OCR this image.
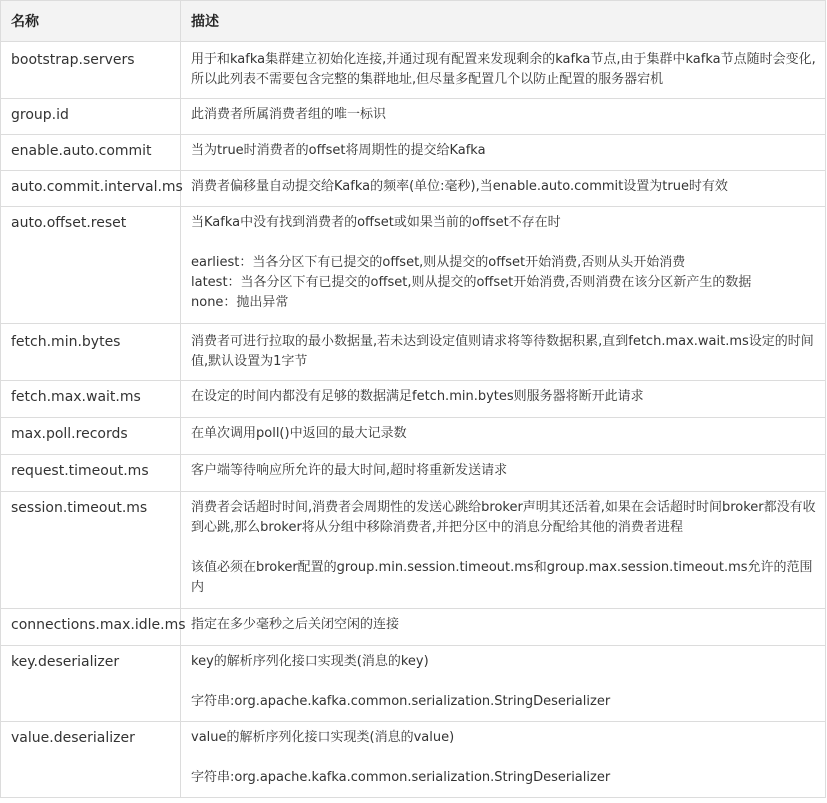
名称	描述
bootstrap.servers	用于和kafka集群建立初始化连接,并通过现有配置来发现剩余的kafka节点,由于集群中kafka节点随时会变化,所以此列表不需要包含完整的集群地址,但尽量多配置几个以防止配置的服务器宕机

group.id	此消费者所属消费者组的唯一标识

enable.auto.commit	当为true时消费者的offset将周期性的提交给Kafka

auto.commit.interval.ms	消费者偏移量自动提交给Kafka的频率(单位:毫秒),当enable.auto.commit设置为true时有效

auto.offset.reset	当Kafka中没有找到消费者的offset或如果当前的offset不存在时
earliest：当各分区下有已提交的offset,则从提交的offset开始消费,否则从头开始消费
latest：当各分区下有已提交的offset,则从提交的offset开始消费,否则消费在该分区新产生的数据
none：抛出异常

fetch.min.bytes	消费者可进行拉取的最小数据量,若未达到设定值则请求将等待数据积累,直到fetch.max.wait.ms设定的时间值,默认设置为1字节

fetch.max.wait.ms	在设定的时间内都没有足够的数据满足fetch.min.bytes则服务器将断开此请求

max.poll.records	在单次调用poll()中返回的最大记录数

request.timeout.ms	客户端等待响应所允许的最大时间,超时将重新发送请求

session.timeout.ms	消费者会话超时时间,消费者会周期性的发送心跳给broker声明其还活着,如果在会话超时时间broker都没有收到心跳,那么broker将从分组中移除消费者,并把分区中的消息分配给其他的消费者进程
该值必须在broker配置的group.min.session.timeout.ms和group.max.session.timeout.ms允许的范围内

connections.max.idle.ms	指定在多少毫秒之后关闭空闲的连接

key.deserializer	key的解析序列化接口实现类(消息的key)
字符串:org.apache.kafka.common.serialization.StringDeserializer

value.deserializer	value的解析序列化接口实现类(消息的value)
字符串:org.apache.kafka.common.serialization.StringDeserializer
